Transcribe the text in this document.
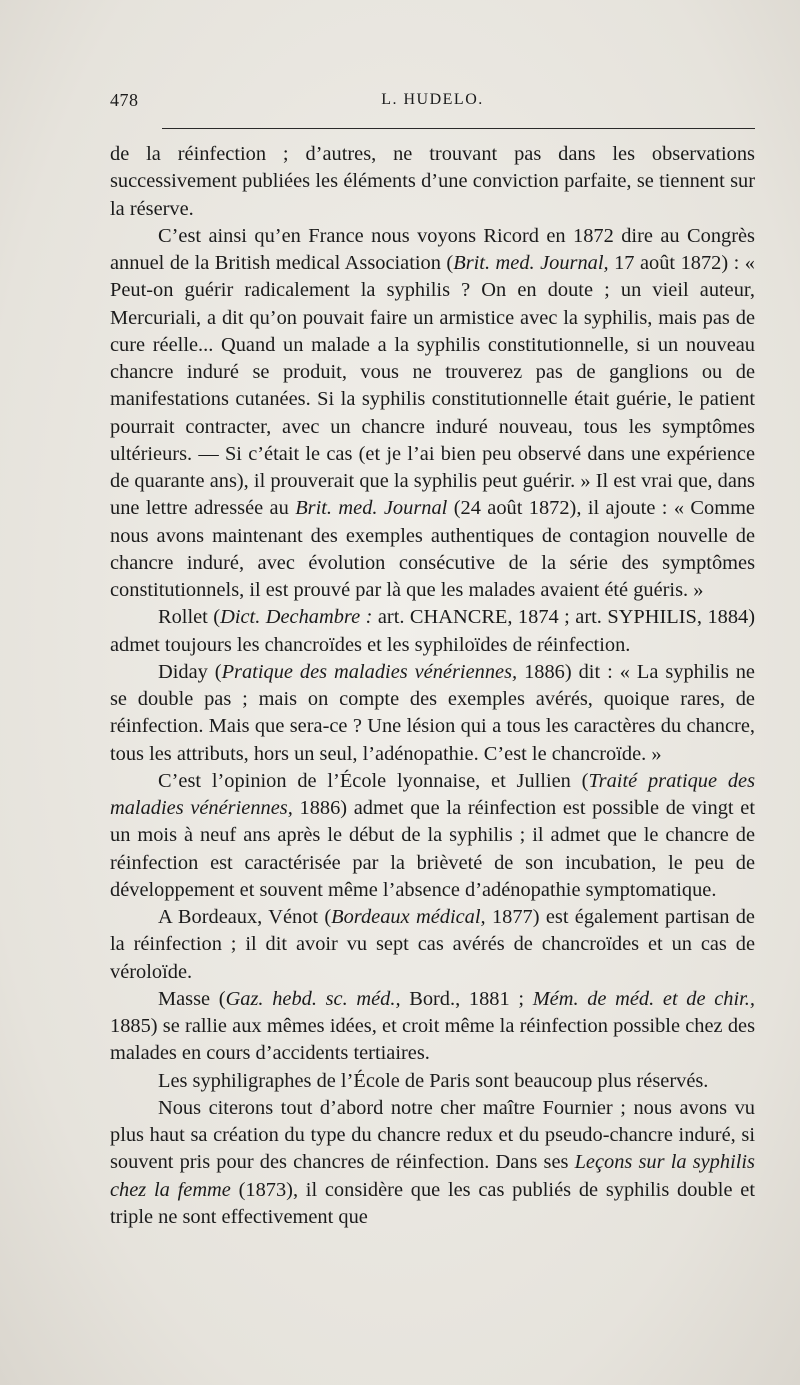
478	L. HUDELO.

de la réinfection ; d’autres, ne trouvant pas dans les observations successivement publiées les éléments d’une conviction parfaite, se tiennent sur la réserve.

C’est ainsi qu’en France nous voyons Ricord en 1872 dire au Congrès annuel de la British medical Association (Brit. med. Journal, 17 août 1872) : « Peut-on guérir radicalement la syphilis ? On en doute ; un vieil auteur, Mercuriali, a dit qu’on pouvait faire un armistice avec la syphilis, mais pas de cure réelle... Quand un malade a la syphilis constitutionnelle, si un nouveau chancre induré se produit, vous ne trouverez pas de ganglions ou de manifestations cutanées. Si la syphilis constitutionnelle était guérie, le patient pourrait contracter, avec un chancre induré nouveau, tous les symptômes ultérieurs. — Si c’était le cas (et je l’ai bien peu observé dans une expérience de quarante ans), il prouverait que la syphilis peut guérir. » Il est vrai que, dans une lettre adressée au Brit. med. Journal (24 août 1872), il ajoute : « Comme nous avons maintenant des exemples authentiques de contagion nouvelle de chancre induré, avec évolution consécutive de la série des symptômes constitutionnels, il est prouvé par là que les malades avaient été guéris. »

Rollet (Dict. Dechambre : art. CHANCRE, 1874 ; art. SYPHILIS, 1884) admet toujours les chancroïdes et les syphiloïdes de réinfection.

Diday (Pratique des maladies vénériennes, 1886) dit : « La syphilis ne se double pas ; mais on compte des exemples avérés, quoique rares, de réinfection. Mais que sera-ce ? Une lésion qui a tous les caractères du chancre, tous les attributs, hors un seul, l’adénopathie. C’est le chancroïde. »

C’est l’opinion de l’École lyonnaise, et Jullien (Traité pratique des maladies vénériennes, 1886) admet que la réinfection est possible de vingt et un mois à neuf ans après le début de la syphilis ; il admet que le chancre de réinfection est caractérisée par la brièveté de son incubation, le peu de développement et souvent même l’absence d’adénopathie symptomatique.

A Bordeaux, Vénot (Bordeaux médical, 1877) est également partisan de la réinfection ; il dit avoir vu sept cas avérés de chancroïdes et un cas de véroloïde.

Masse (Gaz. hebd. sc. méd., Bord., 1881 ; Mém. de méd. et de chir., 1885) se rallie aux mêmes idées, et croit même la réinfection possible chez des malades en cours d’accidents tertiaires.

Les syphiligraphes de l’École de Paris sont beaucoup plus réservés.

Nous citerons tout d’abord notre cher maître Fournier ; nous avons vu plus haut sa création du type du chancre redux et du pseudo-chancre induré, si souvent pris pour des chancres de réinfection. Dans ses Leçons sur la syphilis chez la femme (1873), il considère que les cas publiés de syphilis double et triple ne sont effectivement que
